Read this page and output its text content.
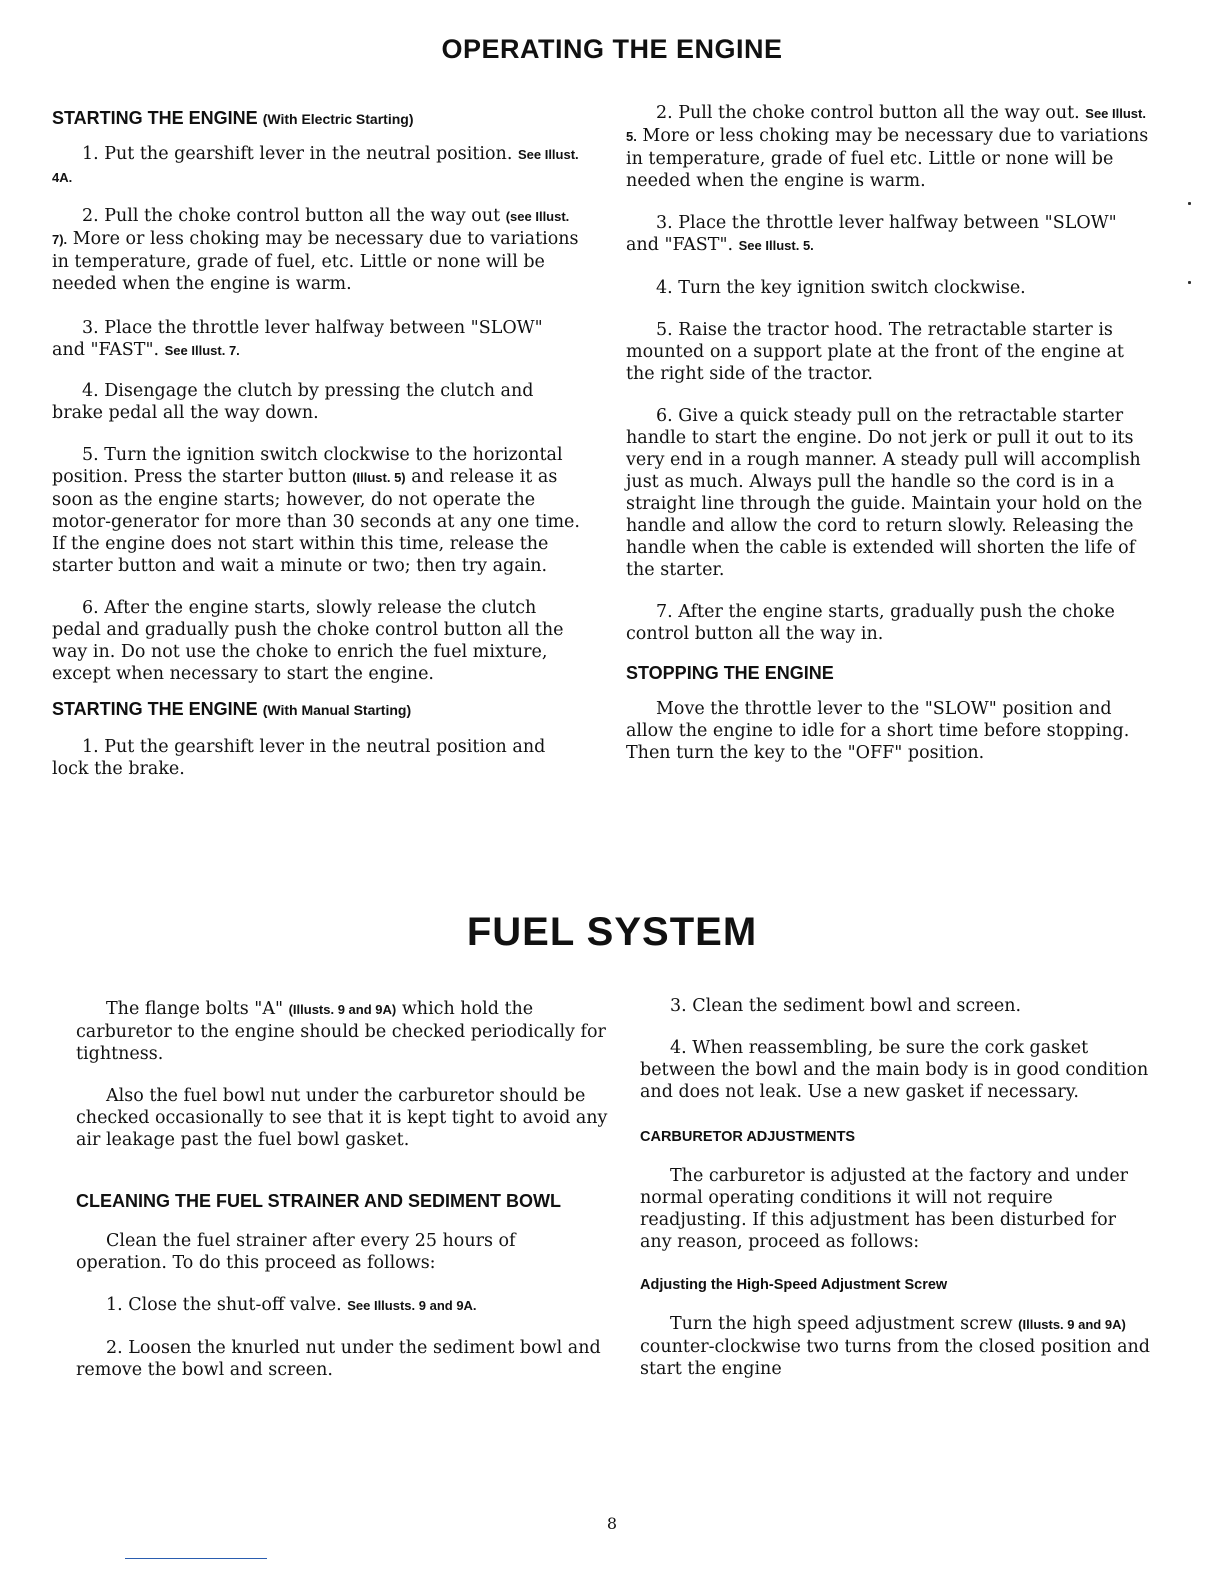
OPERATING THE ENGINE

STARTING THE ENGINE (With Electric Starting)

1. Put the gearshift lever in the neutral position. See Illust. 4A.

2. Pull the choke control button all the way out (see Illust. 7). More or less choking may be necessary due to variations in temperature, grade of fuel, etc. Little or none will be needed when the engine is warm.

3. Place the throttle lever halfway between "SLOW" and "FAST". See Illust. 7.

4. Disengage the clutch by pressing the clutch and brake pedal all the way down.

5. Turn the ignition switch clockwise to the horizontal position. Press the starter button (Illust. 5) and release it as soon as the engine starts; however, do not operate the motor-generator for more than 30 seconds at any one time. If the engine does not start within this time, release the starter button and wait a minute or two; then try again.

6. After the engine starts, slowly release the clutch pedal and gradually push the choke control button all the way in. Do not use the choke to enrich the fuel mixture, except when necessary to start the engine.

STARTING THE ENGINE (With Manual Starting)

1. Put the gearshift lever in the neutral position and lock the brake.

2. Pull the choke control button all the way out. See Illust. 5. More or less choking may be necessary due to variations in temperature, grade of fuel etc. Little or none will be needed when the engine is warm.

3. Place the throttle lever halfway between "SLOW" and "FAST". See Illust. 5.

4. Turn the key ignition switch clockwise.

5. Raise the tractor hood. The retractable starter is mounted on a support plate at the front of the engine at the right side of the tractor.

6. Give a quick steady pull on the retractable starter handle to start the engine. Do not jerk or pull it out to its very end in a rough manner. A steady pull will accomplish just as much. Always pull the handle so the cord is in a straight line through the guide. Maintain your hold on the handle and allow the cord to return slowly. Releasing the handle when the cable is extended will shorten the life of the starter.

7. After the engine starts, gradually push the choke control button all the way in.

STOPPING THE ENGINE

Move the throttle lever to the "SLOW" position and allow the engine to idle for a short time before stopping. Then turn the key to the "OFF" position.

FUEL SYSTEM

The flange bolts "A" (Illusts. 9 and 9A) which hold the carburetor to the engine should be checked periodically for tightness.

Also the fuel bowl nut under the carburetor should be checked occasionally to see that it is kept tight to avoid any air leakage past the fuel bowl gasket.

CLEANING THE FUEL STRAINER AND SEDIMENT BOWL

Clean the fuel strainer after every 25 hours of operation. To do this proceed as follows:

1. Close the shut-off valve. See Illusts. 9 and 9A.

2. Loosen the knurled nut under the sediment bowl and remove the bowl and screen.

3. Clean the sediment bowl and screen.

4. When reassembling, be sure the cork gasket between the bowl and the main body is in good condition and does not leak. Use a new gasket if necessary.

CARBURETOR ADJUSTMENTS

The carburetor is adjusted at the factory and under normal operating conditions it will not require readjusting. If this adjustment has been disturbed for any reason, proceed as follows:

Adjusting the High-Speed Adjustment Screw

Turn the high speed adjustment screw (Illusts. 9 and 9A) counter-clockwise two turns from the closed position and start the engine

8
